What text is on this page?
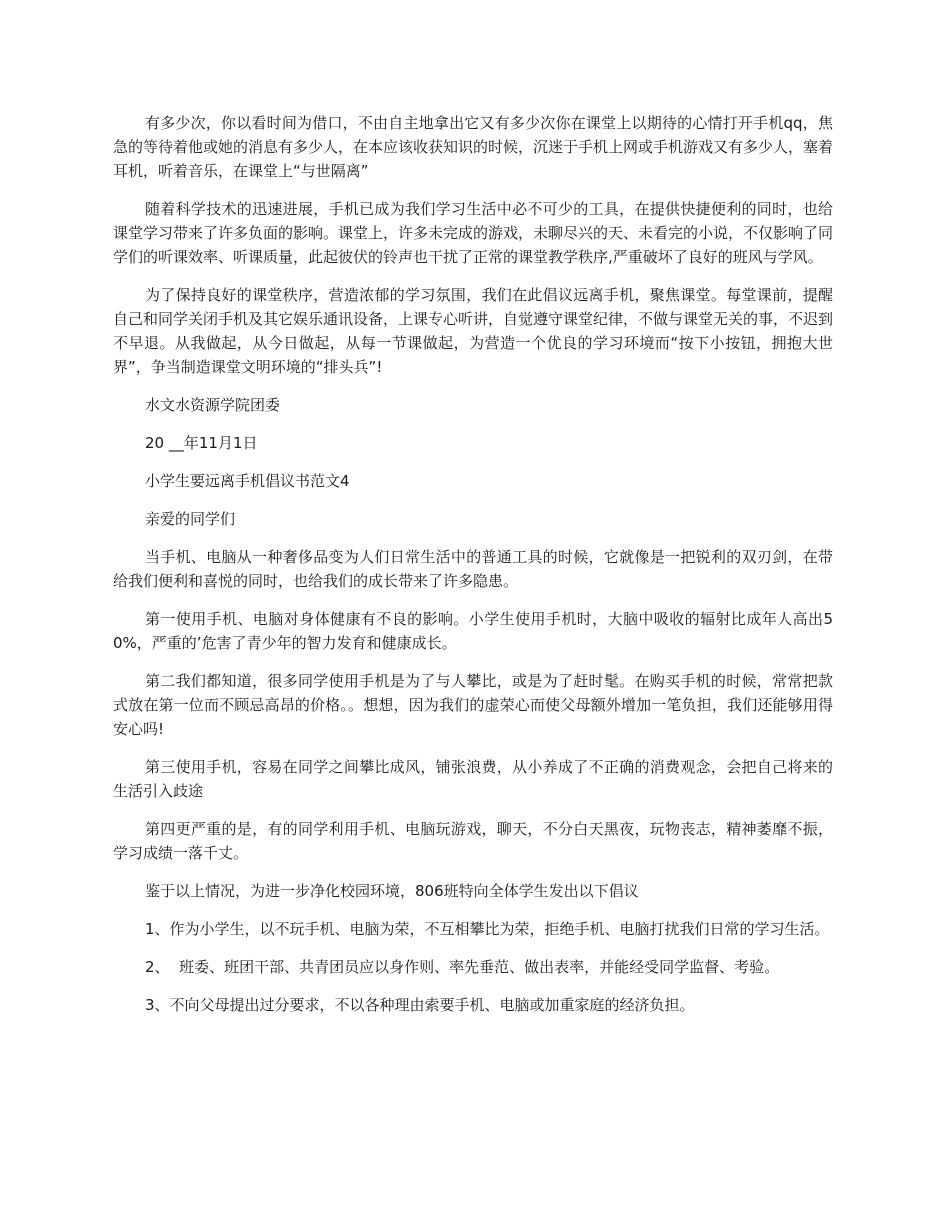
有多少次，你以看时间为借口，不由自主地拿出它又有多少次你在课堂上以期待的心情打开手机qq，焦急的等待着他或她的消息有多少人，在本应该收获知识的时候，沉迷于手机上网或手机游戏又有多少人，塞着耳机，听着音乐，在课堂上“与世隔离”

随着科学技术的迅速进展，手机已成为我们学习生活中必不可少的工具，在提供快捷便利的同时，也给课堂学习带来了许多负面的影响。课堂上，许多未完成的游戏，未聊尽兴的天、未看完的小说，不仅影响了同学们的听课效率、听课质量，此起彼伏的铃声也干扰了正常的课堂教学秩序,严重破坏了良好的班风与学风。

为了保持良好的课堂秩序，营造浓郁的学习氛围，我们在此倡议远离手机，聚焦课堂。每堂课前，提醒自己和同学关闭手机及其它娱乐通讯设备，上课专心听讲，自觉遵守课堂纪律，不做与课堂无关的事，不迟到不早退。从我做起，从今日做起，从每一节课做起，为营造一个优良的学习环境而“按下小按钮，拥抱大世界”，争当制造课堂文明环境的“排头兵”!

水文水资源学院团委

20 __年11月1日

小学生要远离手机倡议书范文4

亲爱的同学们

当手机、电脑从一种奢侈品变为人们日常生活中的普通工具的时候，它就像是一把锐利的双刃剑，在带给我们便利和喜悦的同时，也给我们的成长带来了许多隐患。

第一使用手机、电脑对身体健康有不良的影响。小学生使用手机时，大脑中吸收的辐射比成年人高出50%，严重的’危害了青少年的智力发育和健康成长。

第二我们都知道，很多同学使用手机是为了与人攀比，或是为了赶时髦。在购买手机的时候，常常把款式放在第一位而不顾忌高昂的价格。。想想，因为我们的虚荣心而使父母额外增加一笔负担，我们还能够用得安心吗!

第三使用手机，容易在同学之间攀比成风，铺张浪费，从小养成了不正确的消费观念，会把自己将来的生活引入歧途

第四更严重的是，有的同学利用手机、电脑玩游戏，聊天，不分白天黑夜，玩物丧志，精神萎靡不振，学习成绩一落千丈。

鉴于以上情况，为进一步净化校园环境，806班特向全体学生发出以下倡议

1、作为小学生，以不玩手机、电脑为荣，不互相攀比为荣，拒绝手机、电脑打扰我们日常的学习生活。

2、  班委、班团干部、共青团员应以身作则、率先垂范、做出表率，并能经受同学监督、考验。

3、不向父母提出过分要求，不以各种理由索要手机、电脑或加重家庭的经济负担。
